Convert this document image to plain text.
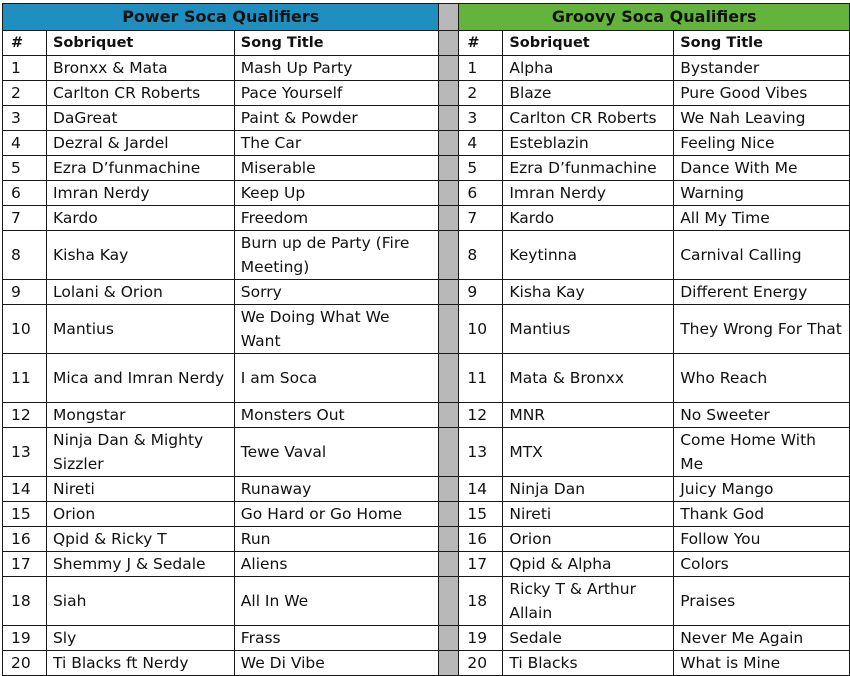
Power Soca Qualifiers				Groovy Soca Qualifiers		
#	Sobriquet	Song Title		#	Sobriquet	Song Title
1	Bronxx & Mata	Mash Up Party		1	Alpha	Bystander
2	Carlton CR Roberts	Pace Yourself		2	Blaze	Pure Good Vibes
3	DaGreat	Paint & Powder		3	Carlton CR Roberts	We Nah Leaving
4	Dezral & Jardel	The Car		4	Esteblazin	Feeling Nice
5	Ezra D’funmachine	Miserable		5	Ezra D’funmachine	Dance With Me
6	Imran Nerdy	Keep Up		6	Imran Nerdy	Warning
7	Kardo	Freedom		7	Kardo	All My Time
8	Kisha Kay	Burn up de Party (Fire Meeting)		8	Keytinna	Carnival Calling
9	Lolani & Orion	Sorry		9	Kisha Kay	Different Energy
10	Mantius	We Doing What We Want		10	Mantius	They Wrong For That
11	Mica and Imran Nerdy	I am Soca		11	Mata & Bronxx	Who Reach
12	Mongstar	Monsters Out		12	MNR	No Sweeter
13	Ninja Dan & Mighty Sizzler	Tewe Vaval		13	MTX	Come Home With Me
14	Nireti	Runaway		14	Ninja Dan	Juicy Mango
15	Orion	Go Hard or Go Home		15	Nireti	Thank God
16	Qpid & Ricky T	Run		16	Orion	Follow You
17	Shemmy J & Sedale	Aliens		17	Qpid & Alpha	Colors
18	Siah	All In We		18	Ricky T & Arthur Allain	Praises
19	Sly	Frass		19	Sedale	Never Me Again
20	Ti Blacks ft Nerdy	We Di Vibe		20	Ti Blacks	What is Mine
